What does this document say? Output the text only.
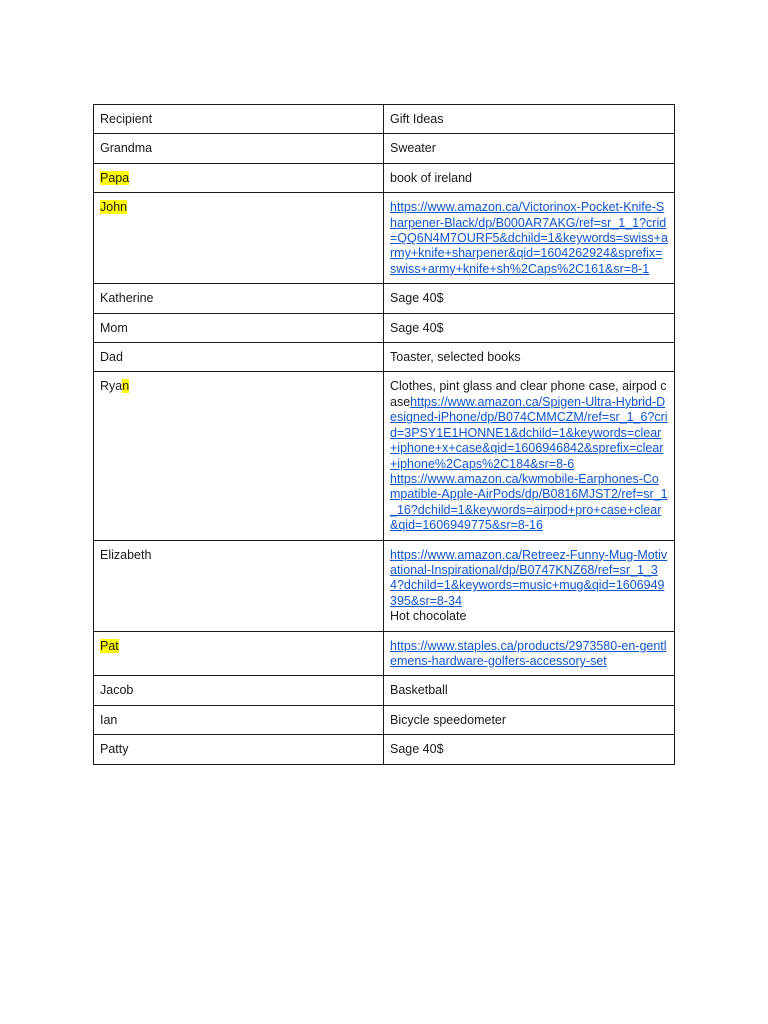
Recipient	Gift Ideas
Grandma	Sweater
Papa	book of ireland
John	https://www.amazon.ca/Victorinox-Pocket-Knife-Sharpener-Black/dp/B000AR7AKG/ref=sr_1_1?crid=QQ6N4M7OURF5&dchild=1&keywords=swiss+army+knife+sharpener&qid=1604262924&sprefix=swiss+army+knife+sh%2Caps%2C161&sr=8-1
Katherine	Sage 40$
Mom	Sage 40$
Dad	Toaster, selected books
Ryan	Clothes, pint glass and clear phone case, airpod casehttps://www.amazon.ca/Spigen-Ultra-Hybrid-Designed-iPhone/dp/B074CMMCZM/ref=sr_1_6?crid=3PSY1E1HONNE1&dchild=1&keywords=clear+iphone+x+case&qid=1606946842&sprefix=clear+iphone%2Caps%2C184&sr=8-6
https://www.amazon.ca/kwmobile-Earphones-Compatible-Apple-AirPods/dp/B0816MJST2/ref=sr_1_16?dchild=1&keywords=airpod+pro+case+clear&qid=1606949775&sr=8-16
Elizabeth	https://www.amazon.ca/Retreez-Funny-Mug-Motivational-Inspirational/dp/B0747KNZ68/ref=sr_1_34?dchild=1&keywords=music+mug&qid=1606949395&sr=8-34
Hot chocolate
Pat	https://www.staples.ca/products/2973580-en-gentlemens-hardware-golfers-accessory-set
Jacob	Basketball
Ian	Bicycle speedometer
Patty	Sage 40$
